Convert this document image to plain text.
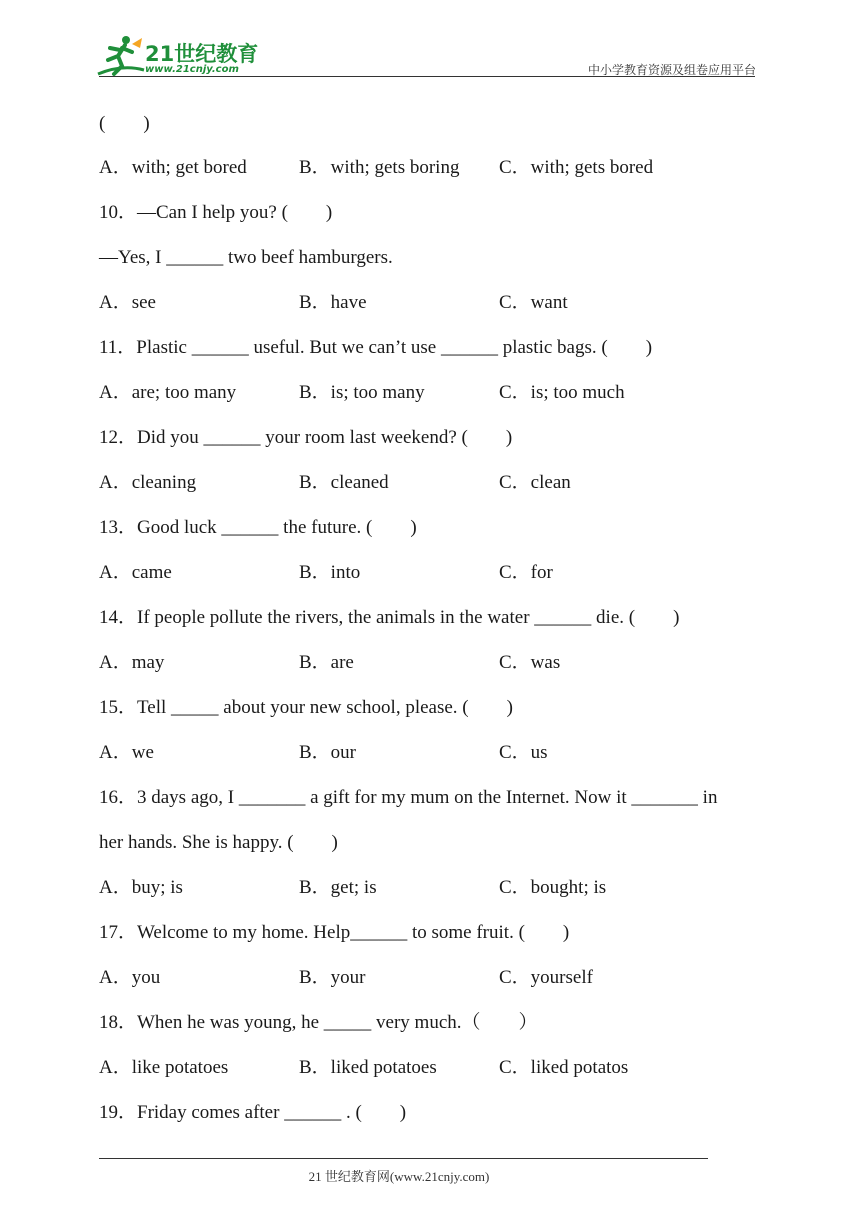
21世纪教育
www.21cnjy.com	中小学教育资源及组卷应用平台
(　　)
A．with; get bored	B．with; gets boring C．with; gets bored
10．—Can I help you? (　　)
—Yes, I ______ two beef hamburgers.
A．see	B．have	C．want
11．Plastic ______ useful. But we can’t use ______ plastic bags. (　　)
A．are; too many	B．is; too many	C．is; too much
12．Did you ______ your room last weekend? (　　)
A．cleaning	B．cleaned	C．clean
13．Good luck ______ the future. (　　)
A．came	B．into	C．for
14．If people pollute the rivers, the animals in the water ______ die. (　　)
A．may	B．are	C．was
15．Tell _____ about your new school, please. (　　)
A．we	B．our	C．us
16．3 days ago, I _______ a gift for my mum on the Internet. Now it _______ in
her hands. She is happy. (　　)
A．buy; is	B．get; is	C．bought; is
17．Welcome to my home. Help______ to some fruit. (　　)
A．you	B．your	C．yourself
18．When he was young, he _____ very much.（　　）
A．like potatoes	B．liked potatoes	C．liked potatos
19．Friday comes after ______ . (　　)
21 世纪教育网(www.21cnjy.com)
